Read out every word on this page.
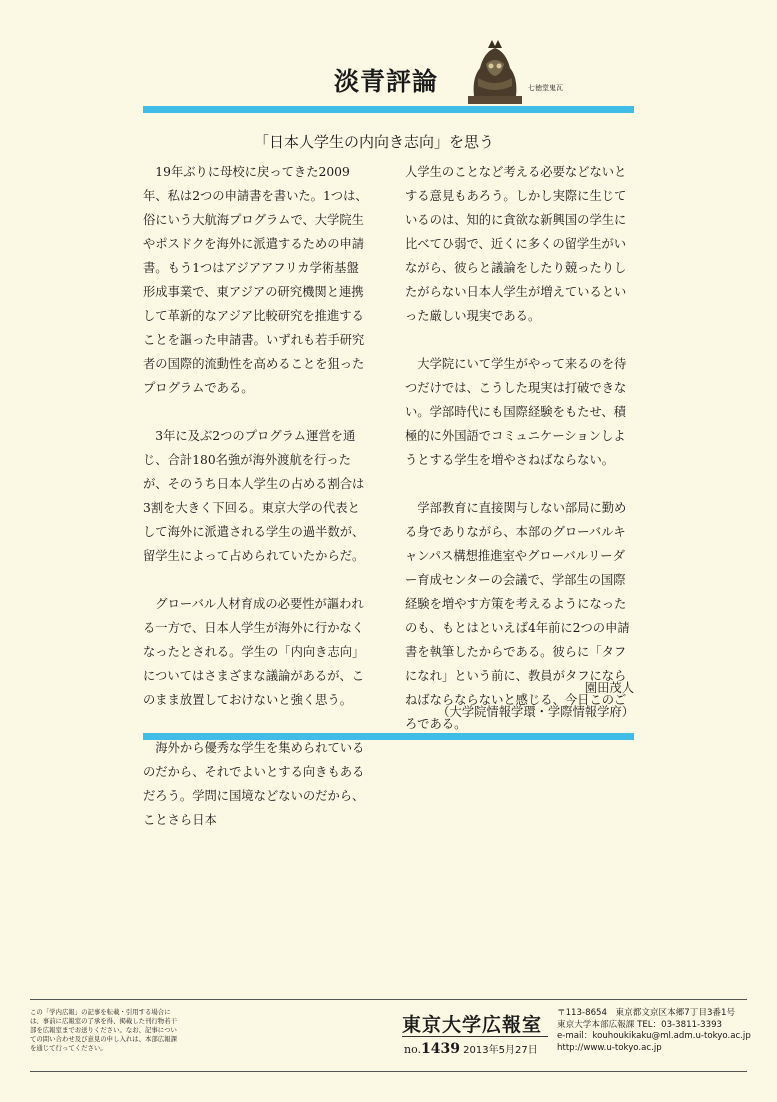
淡青評論	七徳堂鬼瓦
「日本人学生の内向き志向」を思う

19年ぶりに母校に戻ってきた2009年、私は2つの申請書を書いた。1つは、俗にいう大航海プログラムで、大学院生やポスドクを海外に派遣するための申請書。もう1つはアジアアフリカ学術基盤形成事業で、東アジアの研究機関と連携して革新的なアジア比較研究を推進することを謳った申請書。いずれも若手研究者の国際的流動性を高めることを狙ったプログラムである。

3年に及ぶ2つのプログラム運営を通じ、合計180名強が海外渡航を行ったが、そのうち日本人学生の占める割合は3割を大きく下回る。東京大学の代表として海外に派遣される学生の過半数が、留学生によって占められていたからだ。

グローバル人材育成の必要性が謳われる一方で、日本人学生が海外に行かなくなったとされる。学生の「内向き志向」についてはさまざまな議論があるが、このまま放置しておけないと強く思う。

海外から優秀な学生を集められているのだから、それでよいとする向きもあるだろう。学問に国境などないのだから、ことさら日本

人学生のことなど考える必要などないとする意見もあろう。しかし実際に生じているのは、知的に貪欲な新興国の学生に比べてひ弱で、近くに多くの留学生がいながら、彼らと議論をしたり競ったりしたがらない日本人学生が増えているといった厳しい現実である。

大学院にいて学生がやって来るのを待つだけでは、こうした現実は打破できない。学部時代にも国際経験をもたせ、積極的に外国語でコミュニケーションしようとする学生を増やさねばならない。

学部教育に直接関与しない部局に勤める身でありながら、本部のグローバルキャンパス構想推進室やグローバルリーダー育成センターの会議で、学部生の国際経験を増やす方策を考えるようになったのも、もとはといえば4年前に2つの申請書を執筆したからである。彼らに「タフになれ」という前に、教員がタフにならねばならならないと感じる、今日このごろである。

園田茂人
（大学院情報学環・学際情報学府）
この「学内広報」の記事を転載・引用する場合には、事前に広報室の了承を得、掲載した刊行物若干部を広報室までお送りください。なお、記事についての問い合わせ及び意見の申し入れは、本部広報課を通じて行ってください。
東京大学広報室
no.1439 2013年5月27日
〒113-8654　東京都文京区本郷7丁目3番1号
東京大学本部広報課 TEL：03-3811-3393
e-mail：kouhoukikaku@ml.adm.u-tokyo.ac.jp
http://www.u-tokyo.ac.jp
